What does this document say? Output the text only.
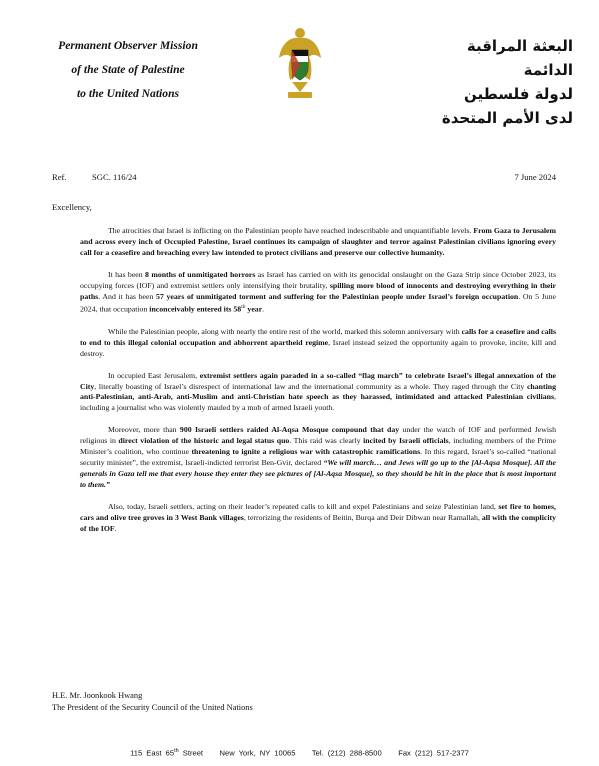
Permanent Observer Mission
of the State of Palestine
to the United Nations
البعثة المراقبة الدائمة
لدولة فلسطين
لدى الأمم المتحدة
Ref.	SGC. 116/24	7 June 2024
Excellency,

The atrocities that Israel is inflicting on the Palestinian people have reached indescribable and unquantifiable levels. From Gaza to Jerusalem and across every inch of Occupied Palestine, Israel continues its campaign of slaughter and terror against Palestinian civilians ignoring every call for a ceasefire and breaching every law intended to protect civilians and preserve our collective humanity.

It has been 8 months of unmitigated horrors as Israel has carried on with its genocidal onslaught on the Gaza Strip since October 2023, its occupying forces (IOF) and extremist settlers only intensifying their brutality, spilling more blood of innocents and destroying everything in their paths. And it has been 57 years of unmitigated torment and suffering for the Palestinian people under Israel’s foreign occupation. On 5 June 2024, that occupation inconceivably entered its 58th year.

While the Palestinian people, along with nearly the entire rest of the world, marked this solemn anniversary with calls for a ceasefire and calls to end to this illegal colonial occupation and abhorrent apartheid regime, Israel instead seized the opportunity again to provoke, incite, kill and destroy.

In occupied East Jerusalem, extremist settlers again paraded in a so-called “flag march” to celebrate Israel’s illegal annexation of the City, literally boasting of Israel’s disrespect of international law and the international community as a whole. They raged through the City chanting anti-Palestinian, anti-Arab, anti-Muslim and anti-Christian hate speech as they harassed, intimidated and attacked Palestinian civilians, including a journalist who was violently mauled by a mob of armed Israeli youth.

Moreover, more than 900 Israeli settlers raided Al-Aqsa Mosque compound that day under the watch of IOF and performed Jewish religious in direct violation of the historic and legal status quo. This raid was clearly incited by Israeli officials, including members of the Prime Minister’s coalition, who continue threatening to ignite a religious war with catastrophic ramifications. In this regard, Israel’s so-called “national security minister”, the extremist, Israeli-indicted terrorist Ben-Gvir, declared “We will march… and Jews will go up to the [Al-Aqsa Mosque]. All the generals in Gaza tell me that every house they enter they see pictures of [Al-Aqsa Mosque], so they should be hit in the place that is most important to them.”

Also, today, Israeli settlers, acting on their leader’s repeated calls to kill and expel Palestinians and seize Palestinian land, set fire to homes, cars and olive tree groves in 3 West Bank villages, terrorizing the residents of Beitin, Burqa and Deir Dibwan near Ramallah, all with the complicity of the IOF.

H.E. Mr. Joonkook Hwang
The President of the Security Council of the United Nations
115 East 65th Street New York, NY 10065 Tel. (212) 288-8500 Fax (212) 517-2377
